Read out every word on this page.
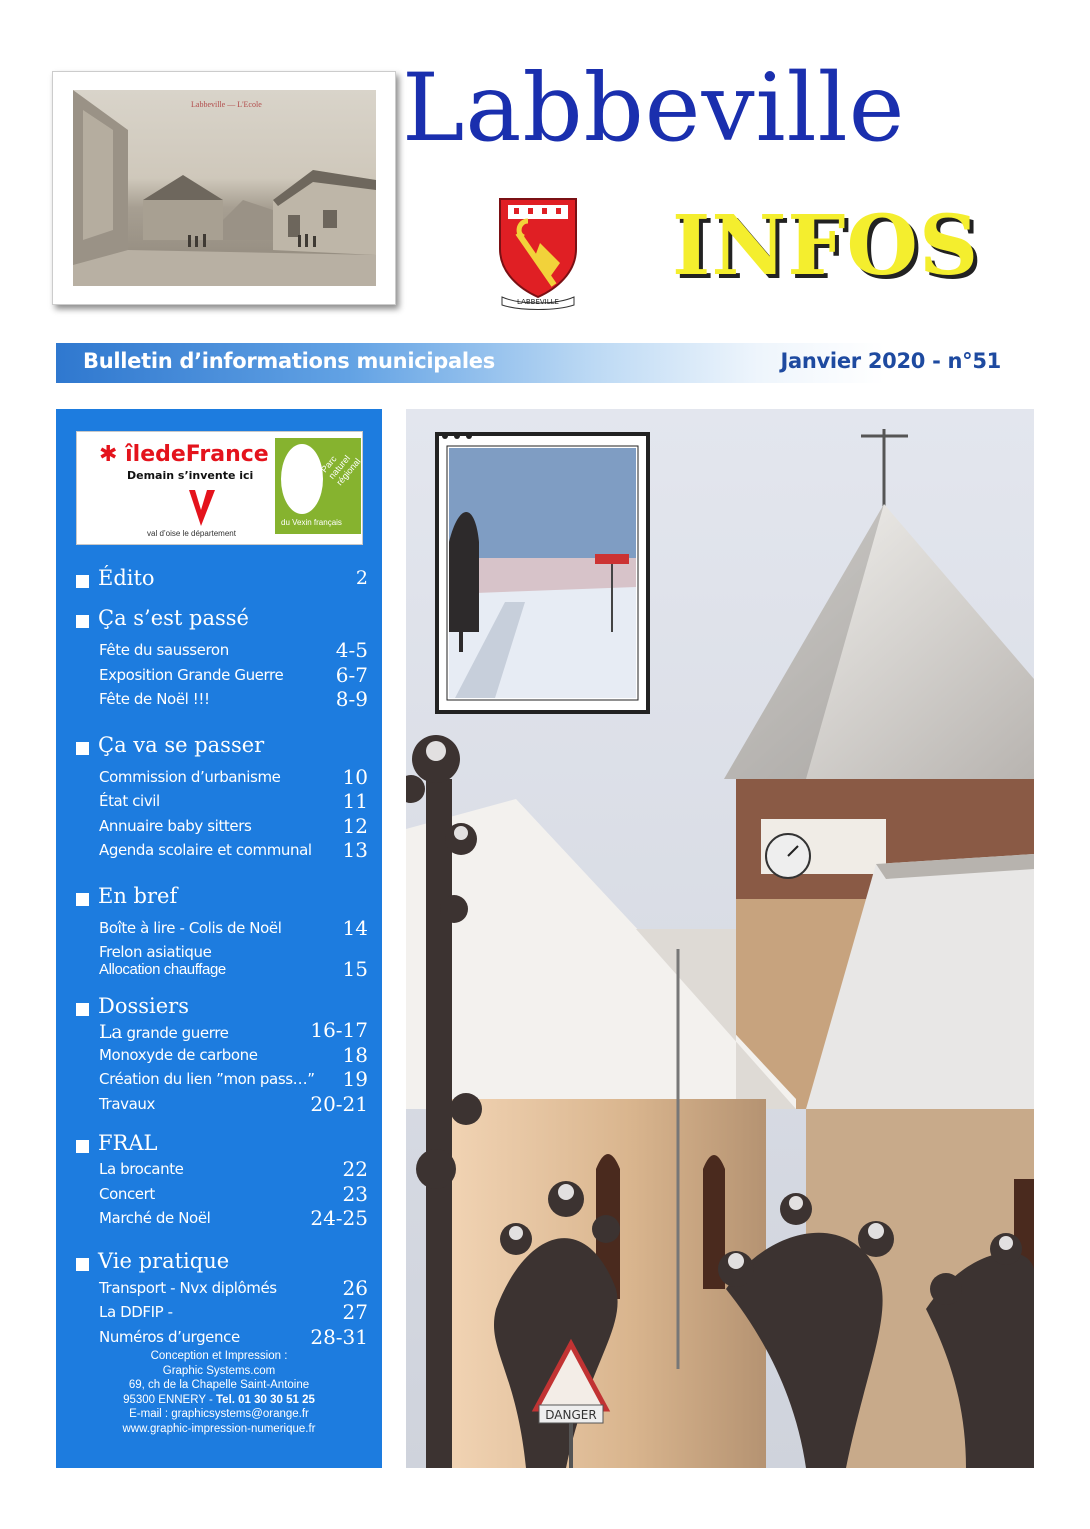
Labbeville — L'Ecole Labbeville
INFOS
LABBEVILLE
Bulletin d’informations municipales	Janvier 2020 - n°51
✱ îledeFrance
Demain s’invente ici
val d’oise le département
Parc naturel régional
du Vexin français
Édito	2
Ça s’est passé
Fête du sausseron	4-5
Exposition Grande Guerre	6-7
Fête de Noël !!!	8-9
Ça va se passer
Commission d’urbanisme	10
État civil	11
Annuaire baby sitters	12
Agenda scolaire et communal 13
En bref
Boîte à lire - Colis de Noël	14
Frelon asiatique
Allocation chauffage	15
Dossiers
La grande guerre	16-17
Monoxyde de carbone	18
Création du lien ”mon pass…” 19
Travaux	20-21
FRAL
La brocante	22
Concert	23
Marché de Noël	24-25
Vie pratique
Transport - Nvx diplômés	26
La DDFIP -	27
Numéros d’urgence	28-31
Conception et Impression :
Graphic Systems.com
69, ch de la Chapelle Saint-Antoine
95300 ENNERY - Tel. 01 30 30 51 25
E-mail : graphicsystems@orange.fr
www.graphic-impression-numerique.fr
DANGER
